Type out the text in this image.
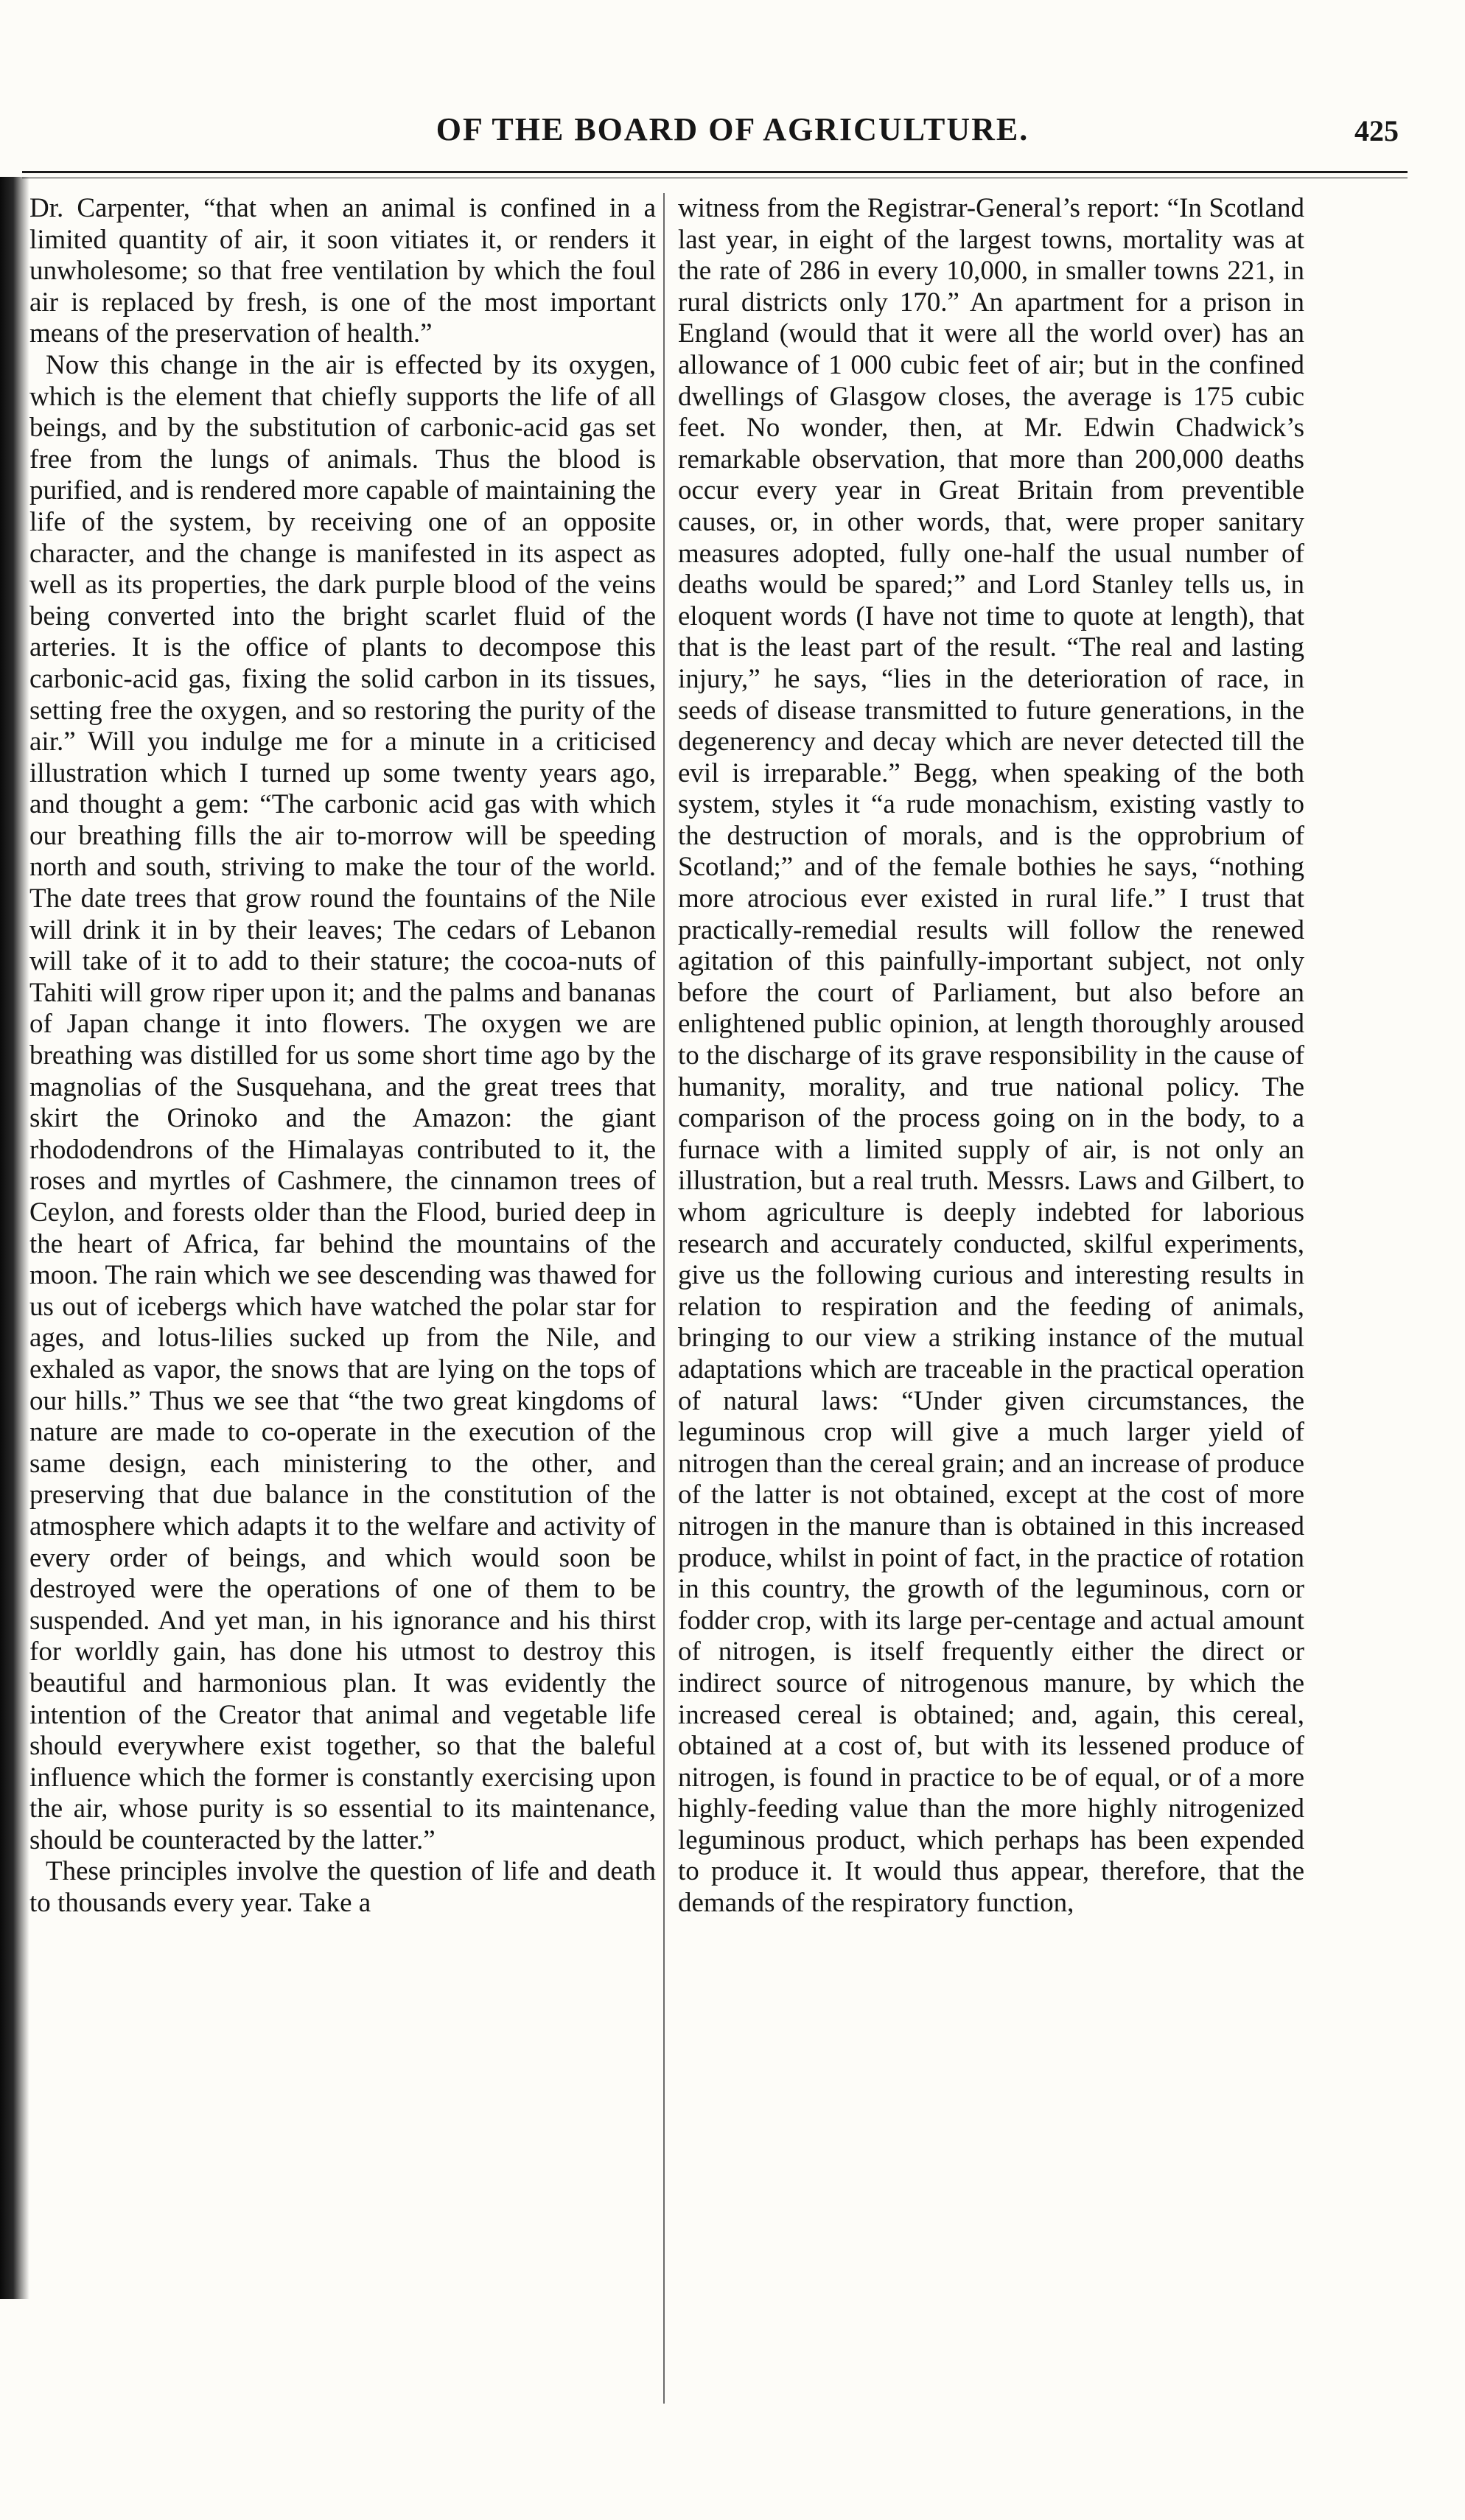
OF THE BOARD OF AGRICULTURE.	425

Dr. Carpenter, “that when an animal is confined in a limited quantity of air, it soon vitiates it, or renders it unwholesome; so that free ventilation by which the foul air is replaced by fresh, is one of the most important means of the preservation of health.”

Now this change in the air is effected by its oxygen, which is the element that chiefly supports the life of all beings, and by the substitution of carbonic-acid gas set free from the lungs of animals. Thus the blood is purified, and is rendered more capable of maintaining the life of the system, by receiving one of an opposite character, and the change is manifested in its aspect as well as its properties, the dark purple blood of the veins being converted into the bright scarlet fluid of the arteries. It is the office of plants to decompose this carbonic-acid gas, fixing the solid carbon in its tissues, setting free the oxygen, and so restoring the purity of the air.” Will you indulge me for a minute in a criticised illustration which I turned up some twenty years ago, and thought a gem: “The carbonic acid gas with which our breathing fills the air to-morrow will be speeding north and south, striving to make the tour of the world. The date trees that grow round the fountains of the Nile will drink it in by their leaves; The cedars of Lebanon will take of it to add to their stature; the cocoa-nuts of Tahiti will grow riper upon it; and the palms and bananas of Japan change it into flowers. The oxygen we are breathing was distilled for us some short time ago by the magnolias of the Susquehana, and the great trees that skirt the Orinoko and the Amazon: the giant rhododendrons of the Himalayas contributed to it, the roses and myrtles of Cashmere, the cinnamon trees of Ceylon, and forests older than the Flood, buried deep in the heart of Africa, far behind the mountains of the moon. The rain which we see descending was thawed for us out of icebergs which have watched the polar star for ages, and lotus-lilies sucked up from the Nile, and exhaled as vapor, the snows that are lying on the tops of our hills.” Thus we see that “the two great kingdoms of nature are made to co-operate in the execution of the same design, each ministering to the other, and preserving that due balance in the constitution of the atmosphere which adapts it to the welfare and activity of every order of beings, and which would soon be destroyed were the operations of one of them to be suspended. And yet man, in his ignorance and his thirst for worldly gain, has done his utmost to destroy this beautiful and harmonious plan. It was evidently the intention of the Creator that animal and vegetable life should everywhere exist together, so that the baleful influence which the former is constantly exercising upon the air, whose purity is so essential to its maintenance, should be counteracted by the latter.”

These principles involve the question of life and death to thousands every year. Take a

witness from the Registrar-General’s report: “In Scotland last year, in eight of the largest towns, mortality was at the rate of 286 in every 10,000, in smaller towns 221, in rural districts only 170.” An apartment for a prison in England (would that it were all the world over) has an allowance of 1 000 cubic feet of air; but in the confined dwellings of Glasgow closes, the average is 175 cubic feet. No wonder, then, at Mr. Edwin Chadwick’s remarkable observation, that more than 200,000 deaths occur every year in Great Britain from preventible causes, or, in other words, that, were proper sanitary measures adopted, fully one-half the usual number of deaths would be spared;” and Lord Stanley tells us, in eloquent words (I have not time to quote at length), that that is the least part of the result. “The real and lasting injury,” he says, “lies in the deterioration of race, in seeds of disease transmitted to future generations, in the degenerency and decay which are never detected till the evil is irreparable.” Begg, when speaking of the both system, styles it “a rude monachism, existing vastly to the destruction of morals, and is the opprobrium of Scotland;” and of the female bothies he says, “nothing more atrocious ever existed in rural life.” I trust that practically-remedial results will follow the renewed agitation of this painfully-important subject, not only before the court of Parliament, but also before an enlightened public opinion, at length thoroughly aroused to the discharge of its grave responsibility in the cause of humanity, morality, and true national policy. The comparison of the process going on in the body, to a furnace with a limited supply of air, is not only an illustration, but a real truth. Messrs. Laws and Gilbert, to whom agriculture is deeply indebted for laborious research and accurately conducted, skilful experiments, give us the following curious and interesting results in relation to respiration and the feeding of animals, bringing to our view a striking instance of the mutual adaptations which are traceable in the practical operation of natural laws: “Under given circumstances, the leguminous crop will give a much larger yield of nitrogen than the cereal grain; and an increase of produce of the latter is not obtained, except at the cost of more nitrogen in the manure than is obtained in this increased produce, whilst in point of fact, in the practice of rotation in this country, the growth of the leguminous, corn or fodder crop, with its large per-centage and actual amount of nitrogen, is itself frequently either the direct or indirect source of nitrogenous manure, by which the increased cereal is obtained; and, again, this cereal, obtained at a cost of, but with its lessened produce of nitrogen, is found in practice to be of equal, or of a more highly-feeding value than the more highly nitrogenized leguminous product, which perhaps has been expended to produce it. It would thus appear, therefore, that the demands of the respiratory function,
